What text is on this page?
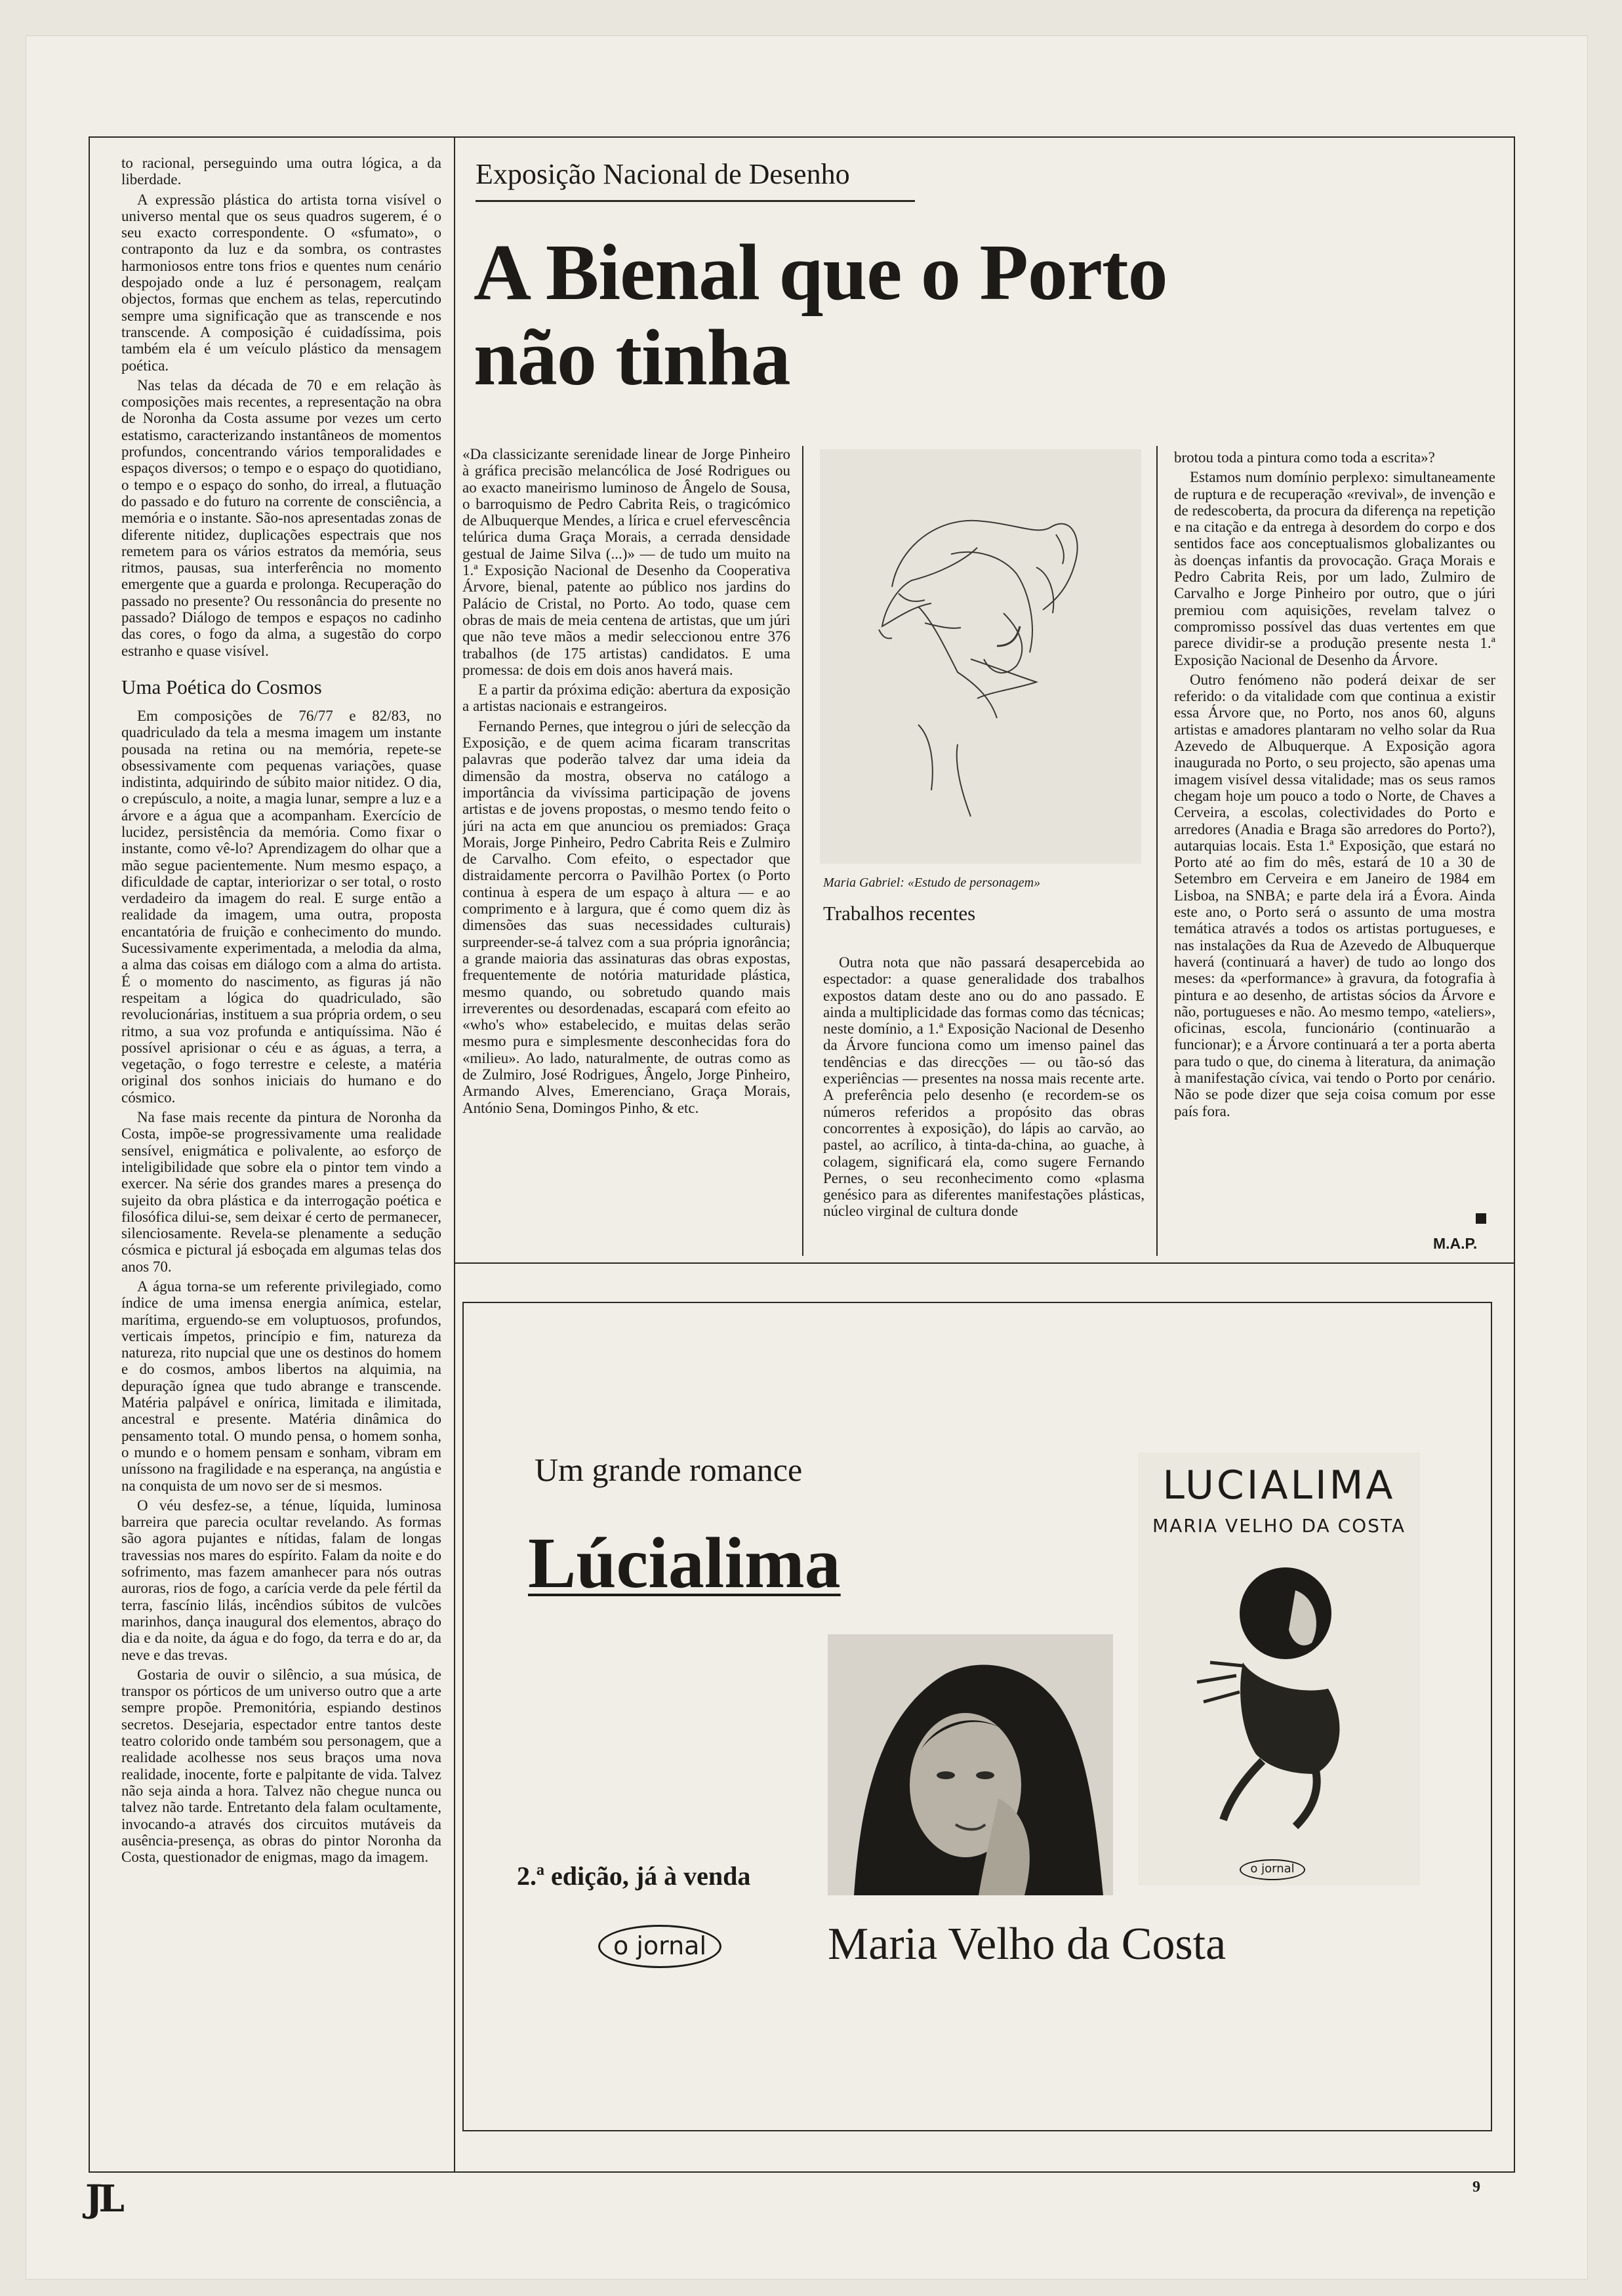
to racional, perseguindo uma outra lógica, a da liberdade.

A expressão plástica do artista torna visível o universo mental que os seus quadros sugerem, é o seu exacto correspondente. O «sfumato», o contraponto da luz e da sombra, os contrastes harmoniosos entre tons frios e quentes num cenário despojado onde a luz é personagem, realçam objectos, formas que enchem as telas, repercutindo sempre uma significação que as transcende e nos transcende. A composição é cuidadíssima, pois também ela é um veículo plástico da mensagem poética.

Nas telas da década de 70 e em relação às composições mais recentes, a representação na obra de Noronha da Costa assume por vezes um certo estatismo, caracterizando instantâneos de momentos profundos, concentrando vários temporalidades e espaços diversos; o tempo e o espaço do quotidiano, o tempo e o espaço do sonho, do irreal, a flutuação do passado e do futuro na corrente de consciência, a memória e o instante. São-nos apresentadas zonas de diferente nitidez, duplicações espectrais que nos remetem para os vários estratos da memória, seus ritmos, pausas, sua interferência no momento emergente que a guarda e prolonga. Recuperação do passado no presente? Ou ressonância do presente no passado? Diálogo de tempos e espaços no cadinho das cores, o fogo da alma, a sugestão do corpo estranho e quase visível.

Uma Poética do Cosmos

Em composições de 76/77 e 82/83, no quadriculado da tela a mesma imagem um instante pousada na retina ou na memória, repete-se obsessivamente com pequenas variações, quase indistinta, adquirindo de súbito maior nitidez. O dia, o crepúsculo, a noite, a magia lunar, sempre a luz e a árvore e a água que a acompanham. Exercício de lucidez, persistência da memória. Como fixar o instante, como vê-lo? Aprendizagem do olhar que a mão segue pacientemente. Num mesmo espaço, a dificuldade de captar, interiorizar o ser total, o rosto verdadeiro da imagem do real. E surge então a realidade da imagem, uma outra, proposta encantatória de fruição e conhecimento do mundo. Sucessivamente experimentada, a melodia da alma, a alma das coisas em diálogo com a alma do artista. É o momento do nascimento, as figuras já não respeitam a lógica do quadriculado, são revolucionárias, instituem a sua própria ordem, o seu ritmo, a sua voz profunda e antiquíssima. Não é possível aprisionar o céu e as águas, a terra, a vegetação, o fogo terrestre e celeste, a matéria original dos sonhos iniciais do humano e do cósmico.

Na fase mais recente da pintura de Noronha da Costa, impõe-se progressivamente uma realidade sensível, enigmática e polivalente, ao esforço de inteligibilidade que sobre ela o pintor tem vindo a exercer. Na série dos grandes mares a presença do sujeito da obra plástica e da interrogação poética e filosófica dilui-se, sem deixar é certo de permanecer, silenciosamente. Revela-se plenamente a sedução cósmica e pictural já esboçada em algumas telas dos anos 70.

A água torna-se um referente privilegiado, como índice de uma imensa energia anímica, estelar, marítima, erguendo-se em voluptuosos, profundos, verticais ímpetos, princípio e fim, natureza da natureza, rito nupcial que une os destinos do homem e do cosmos, ambos libertos na alquimia, na depuração ígnea que tudo abrange e transcende. Matéria palpável e onírica, limitada e ilimitada, ancestral e presente. Matéria dinâmica do pensamento total. O mundo pensa, o homem sonha, o mundo e o homem pensam e sonham, vibram em uníssono na fragilidade e na esperança, na angústia e na conquista de um novo ser de si mesmos.

O véu desfez-se, a ténue, líquida, luminosa barreira que parecia ocultar revelando. As formas são agora pujantes e nítidas, falam de longas travessias nos mares do espírito. Falam da noite e do sofrimento, mas fazem amanhecer para nós outras auroras, rios de fogo, a carícia verde da pele fértil da terra, fascínio lilás, incêndios súbitos de vulcões marinhos, dança inaugural dos elementos, abraço do dia e da noite, da água e do fogo, da terra e do ar, da neve e das trevas.

Gostaria de ouvir o silêncio, a sua música, de transpor os pórticos de um universo outro que a arte sempre propõe. Premonitória, espiando destinos secretos. Desejaria, espectador entre tantos deste teatro colorido onde também sou personagem, que a realidade acolhesse nos seus braços uma nova realidade, inocente, forte e palpitante de vida. Talvez não seja ainda a hora. Talvez não chegue nunca ou talvez não tarde. Entretanto dela falam ocultamente, invocando-a através dos circuitos mutáveis da ausência-presença, as obras do pintor Noronha da Costa, questionador de enigmas, mago da imagem.

Exposição Nacional de Desenho
A Bienal que o Porto
não tinha

«Da classicizante serenidade linear de Jorge Pinheiro à gráfica precisão melancólica de José Rodrigues ou ao exacto maneirismo luminoso de Ângelo de Sousa, o barroquismo de Pedro Cabrita Reis, o tragicómico de Albuquerque Mendes, a lírica e cruel efervescência telúrica duma Graça Morais, a cerrada densidade gestual de Jaime Silva (...)» — de tudo um muito na 1.ª Exposição Nacional de Desenho da Cooperativa Árvore, bienal, patente ao público nos jardins do Palácio de Cristal, no Porto. Ao todo, quase cem obras de mais de meia centena de artistas, que um júri que não teve mãos a medir seleccionou entre 376 trabalhos (de 175 artistas) candidatos. E uma promessa: de dois em dois anos haverá mais.

E a partir da próxima edição: abertura da exposição a artistas nacionais e estrangeiros.

Fernando Pernes, que integrou o júri de selecção da Exposição, e de quem acima ficaram transcritas palavras que poderão talvez dar uma ideia da dimensão da mostra, observa no catálogo a importância da vivíssima participação de jovens artistas e de jovens propostas, o mesmo tendo feito o júri na acta em que anunciou os premiados: Graça Morais, Jorge Pinheiro, Pedro Cabrita Reis e Zulmiro de Carvalho. Com efeito, o espectador que distraidamente percorra o Pavilhão Portex (o Porto continua à espera de um espaço à altura — e ao comprimento e à largura, que é como quem diz às dimensões das suas necessidades culturais) surpreender-se-á talvez com a sua própria ignorância; a grande maioria das assinaturas das obras expostas, frequentemente de notória maturidade plástica, mesmo quando, ou sobretudo quando mais irreverentes ou desordenadas, escapará com efeito ao «who's who» estabelecido, e muitas delas serão mesmo pura e simplesmente desconhecidas fora do «milieu». Ao lado, naturalmente, de outras como as de Zulmiro, José Rodrigues, Ângelo, Jorge Pinheiro, Armando Alves, Emerenciano, Graça Morais, António Sena, Domingos Pinho, & etc.

Maria Gabriel: «Estudo de personagem»
Trabalhos recentes

Outra nota que não passará desapercebida ao espectador: a quase generalidade dos trabalhos expostos datam deste ano ou do ano passado. E ainda a multiplicidade das formas como das técnicas; neste domínio, a 1.ª Exposição Nacional de Desenho da Árvore funciona como um imenso painel das tendências e das direcções — ou tão-só das experiências — presentes na nossa mais recente arte. A preferência pelo desenho (e recordem-se os números referidos a propósito das obras concorrentes à exposição), do lápis ao carvão, ao pastel, ao acrílico, à tinta-da-china, ao guache, à colagem, significará ela, como sugere Fernando Pernes, o seu reconhecimento como «plasma genésico para as diferentes manifestações plásticas, núcleo virginal de cultura donde

brotou toda a pintura como toda a escrita»?

Estamos num domínio perplexo: simultaneamente de ruptura e de recuperação «revival», de invenção e de redescoberta, da procura da diferença na repetição e na citação e da entrega à desordem do corpo e dos sentidos face aos conceptualismos globalizantes ou às doenças infantis da provocação. Graça Morais e Pedro Cabrita Reis, por um lado, Zulmiro de Carvalho e Jorge Pinheiro por outro, que o júri premiou com aquisições, revelam talvez o compromisso possível das duas vertentes em que parece dividir-se a produção presente nesta 1.ª Exposição Nacional de Desenho da Árvore.

Outro fenómeno não poderá deixar de ser referido: o da vitalidade com que continua a existir essa Árvore que, no Porto, nos anos 60, alguns artistas e amadores plantaram no velho solar da Rua Azevedo de Albuquerque. A Exposição agora inaugurada no Porto, o seu projecto, são apenas uma imagem visível dessa vitalidade; mas os seus ramos chegam hoje um pouco a todo o Norte, de Chaves a Cerveira, a escolas, colectividades do Porto e arredores (Anadia e Braga são arredores do Porto?), autarquias locais. Esta 1.ª Exposição, que estará no Porto até ao fim do mês, estará de 10 a 30 de Setembro em Cerveira e em Janeiro de 1984 em Lisboa, na SNBA; e parte dela irá a Évora. Ainda este ano, o Porto será o assunto de uma mostra temática através a todos os artistas portugueses, e nas instalações da Rua de Azevedo de Albuquerque haverá (continuará a haver) de tudo ao longo dos meses: da «performance» à gravura, da fotografia à pintura e ao desenho, de artistas sócios da Árvore e não, portugueses e não. Ao mesmo tempo, «ateliers», oficinas, escola, funcionário (continuarão a funcionar); e a Árvore continuará a ter a porta aberta para tudo o que, do cinema à literatura, da animação à manifestação cívica, vai tendo o Porto por cenário. Não se pode dizer que seja coisa comum por esse país fora.

M.A.P.
Um grande romance
Lúcialima
LUCIALIMA
MARIA VELHO DA COSTA
o jornal
2.ª edição, já à venda
o jornal	Maria Velho da Costa
JL	9
